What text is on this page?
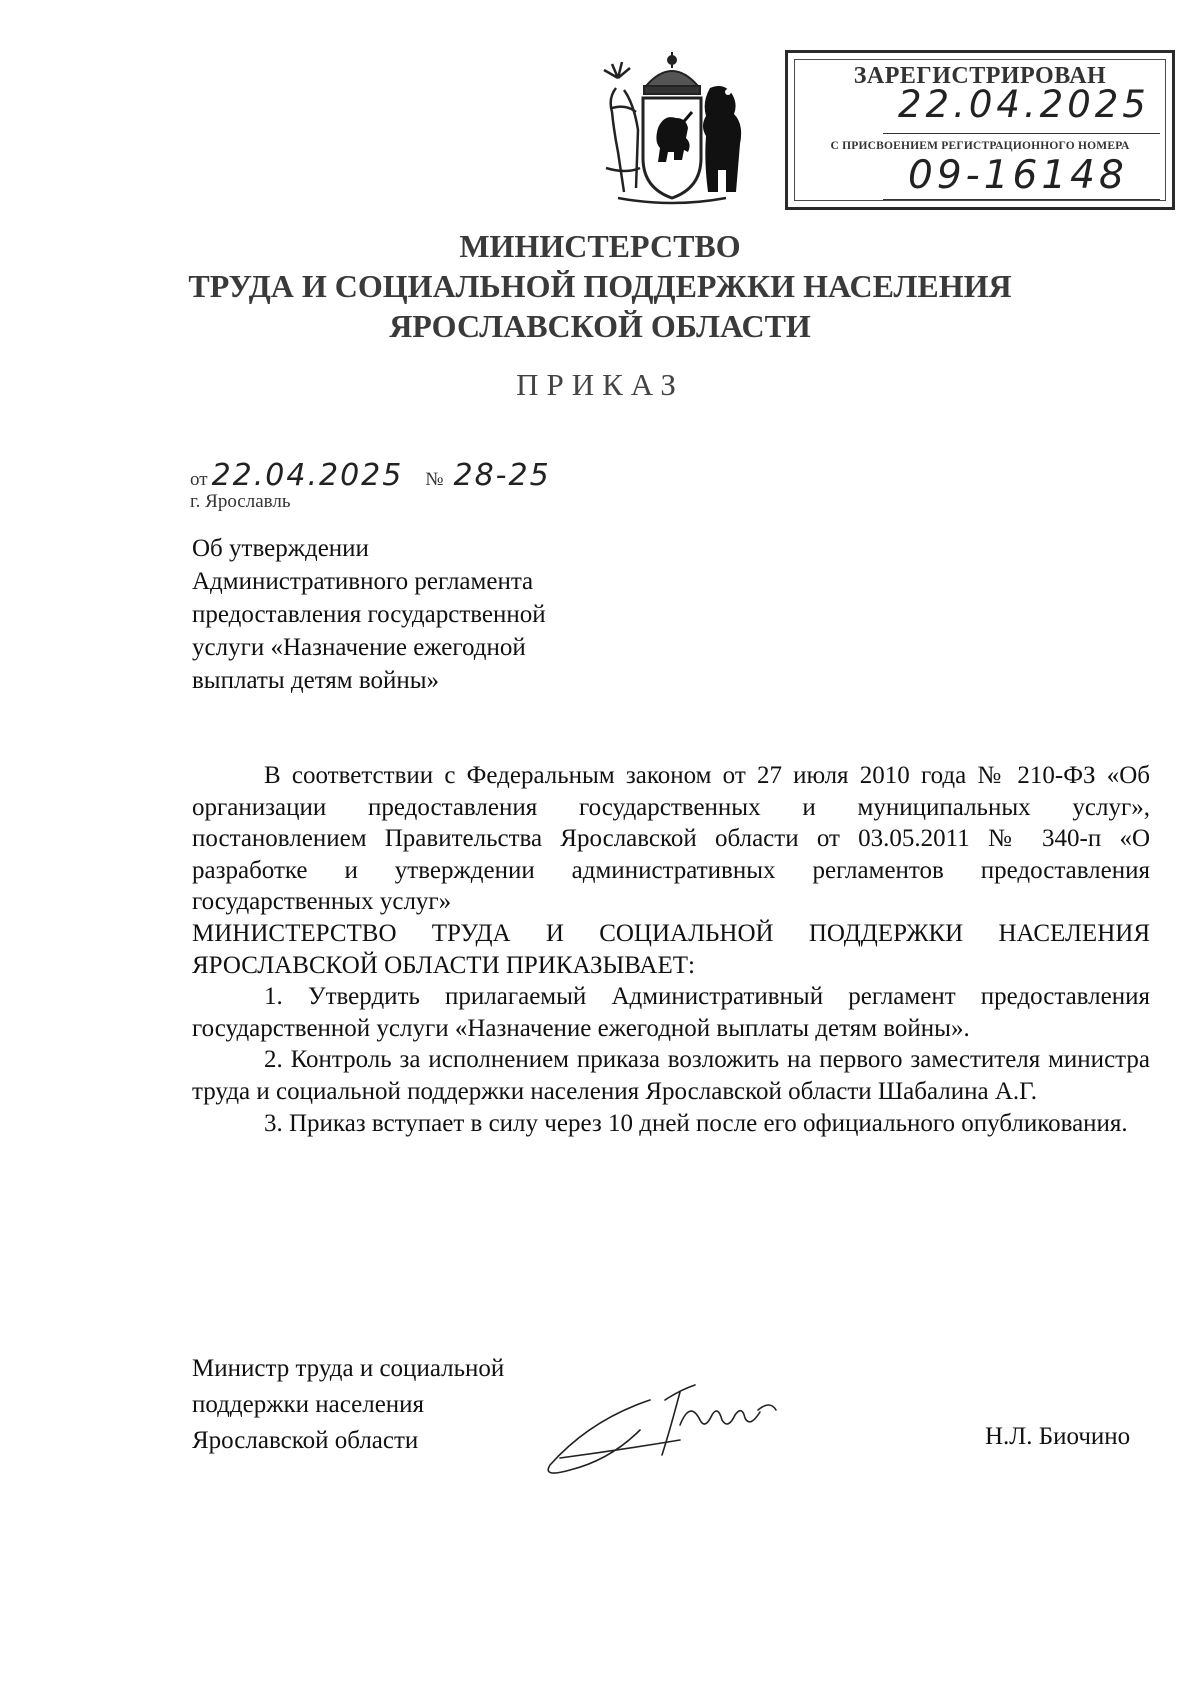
ЗАРЕГИСТРИРОВАН
22.04.2025
С ПРИСВОЕНИЕМ РЕГИСТРАЦИОННОГО НОМЕРА
09-16148
МИНИСТЕРСТВО
ТРУДА И СОЦИАЛЬНОЙ ПОДДЕРЖКИ НАСЕЛЕНИЯ
ЯРОСЛАВСКОЙ ОБЛАСТИ
ПРИКАЗ
от 22.04.2025 № 28-25
г. Ярославль
Об утверждении
Административного регламента
предоставления государственной
услуги «Назначение ежегодной
выплаты детям войны»

В соответствии с Федеральным законом от 27 июля 2010 года № 210-ФЗ «Об организации предоставления государственных и муниципальных услуг», постановлением Правительства Ярославской области от 03.05.2011 № 340-п «О разработке и утверждении административных регламентов предоставления государственных услуг»

МИНИСТЕРСТВО ТРУДА И СОЦИАЛЬНОЙ ПОДДЕРЖКИ НАСЕЛЕНИЯ ЯРОСЛАВСКОЙ ОБЛАСТИ ПРИКАЗЫВАЕТ:

1. Утвердить прилагаемый Административный регламент предоставления государственной услуги «Назначение ежегодной выплаты детям войны».

2. Контроль за исполнением приказа возложить на первого заместителя министра труда и социальной поддержки населения Ярославской области Шабалина А.Г.

3. Приказ вступает в силу через 10 дней после его официального опубликования.

Министр труда и социальной
поддержки населения
Ярославской области	Н.Л. Биочино
